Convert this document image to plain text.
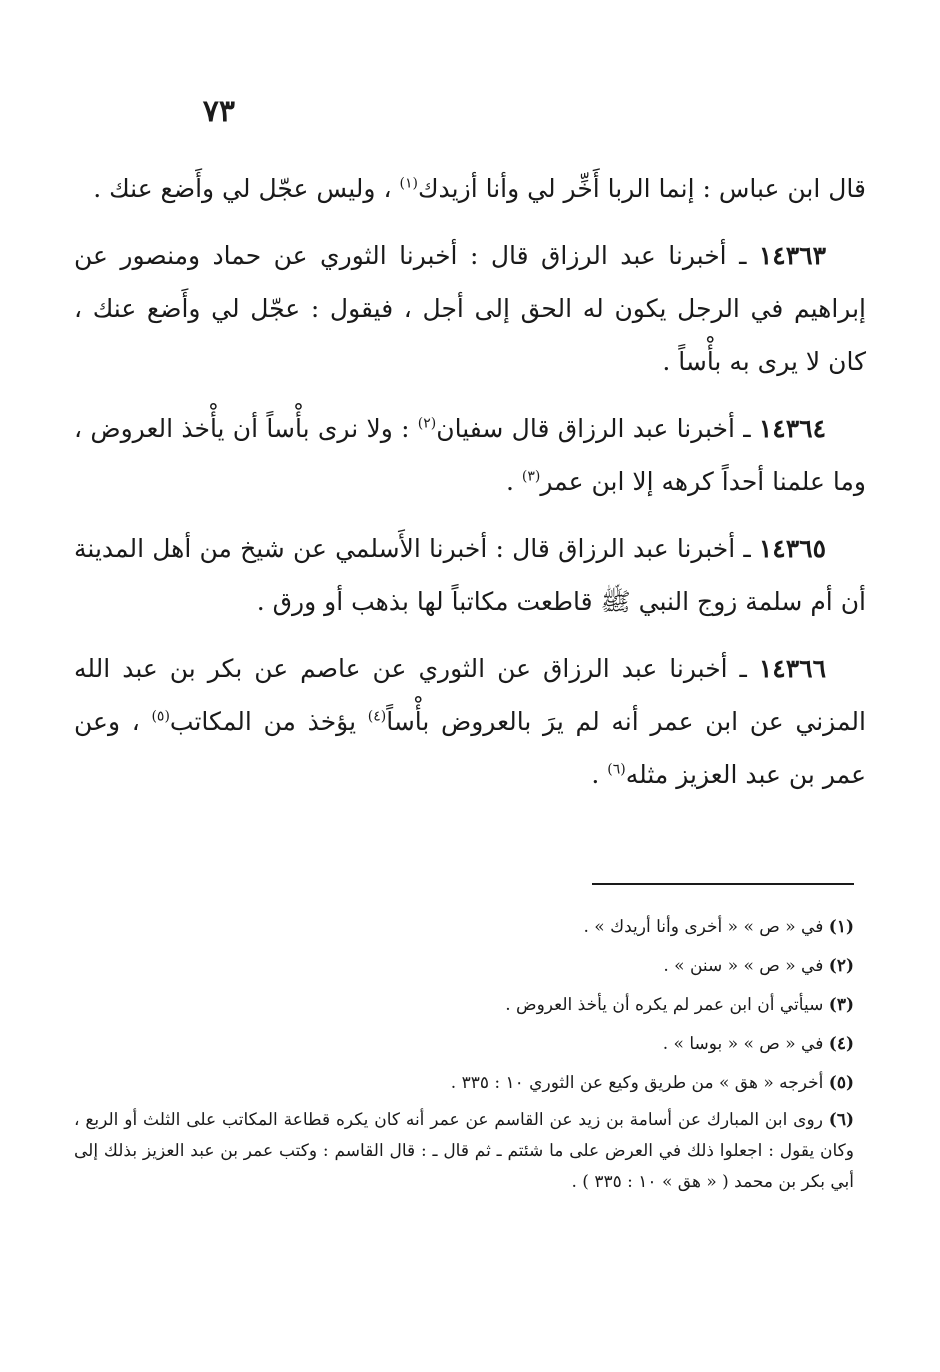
٧٣

قال ابن عباس : إنما الربا أَخِّر لي وأنا أزيدك$^{(١)}$ ، وليس عجّل لي وأَضع عنك .

١٤٣٦٣ ـ أخبرنا عبد الرزاق قال : أخبرنا الثوري عن حماد ومنصور عن إبراهيم في الرجل يكون له الحق إلى أجل ، فيقول : عجّل لي وأَضع عنك ، كان لا يرى به بأْساً .

١٤٣٦٤ ـ أخبرنا عبد الرزاق قال سفيان$^{(٢)}$ : ولا نرى بأْساً أن يأْخذ العروض ، وما علمنا أحداً كرهه إلا ابن عمر$^{(٣)}$ .

١٤٣٦٥ ـ أخبرنا عبد الرزاق قال : أخبرنا الأَسلمي عن شيخ من أهل المدينة أن أم سلمة زوج النبي ﷺ قاطعت مكاتباً لها بذهب أو ورق .

١٤٣٦٦ ـ أخبرنا عبد الرزاق عن الثوري عن عاصم عن بكر بن عبد الله المزني عن ابن عمر أنه لم يرَ بالعروض بأْساً$^{(٤)}$ يؤخذ من المكاتب$^{(٥)}$ ، وعن عمر بن عبد العزيز مثله$^{(٦)}$ .

(١) في « ص » « أخرى وأنا أريدك » .

(٢) في « ص » « سنن » .

(٣) سيأتي أن ابن عمر لم يكره أن يأخذ العروض .

(٤) في « ص » « بوسا » .

(٥) أخرجه « هق » من طريق وكيع عن الثوري ١٠ : ٣٣٥ .

(٦) روى ابن المبارك عن أسامة بن زيد عن القاسم عن عمر أنه كان يكره قطاعة المكاتب على الثلث أو الربع ، وكان يقول : اجعلوا ذلك في العرض على ما شئتم ـ ثم قال ـ : قال القاسم : وكتب عمر بن عبد العزيز بذلك إلى أبي بكر بن محمد ( « هق » ١٠ : ٣٣٥ ) .
